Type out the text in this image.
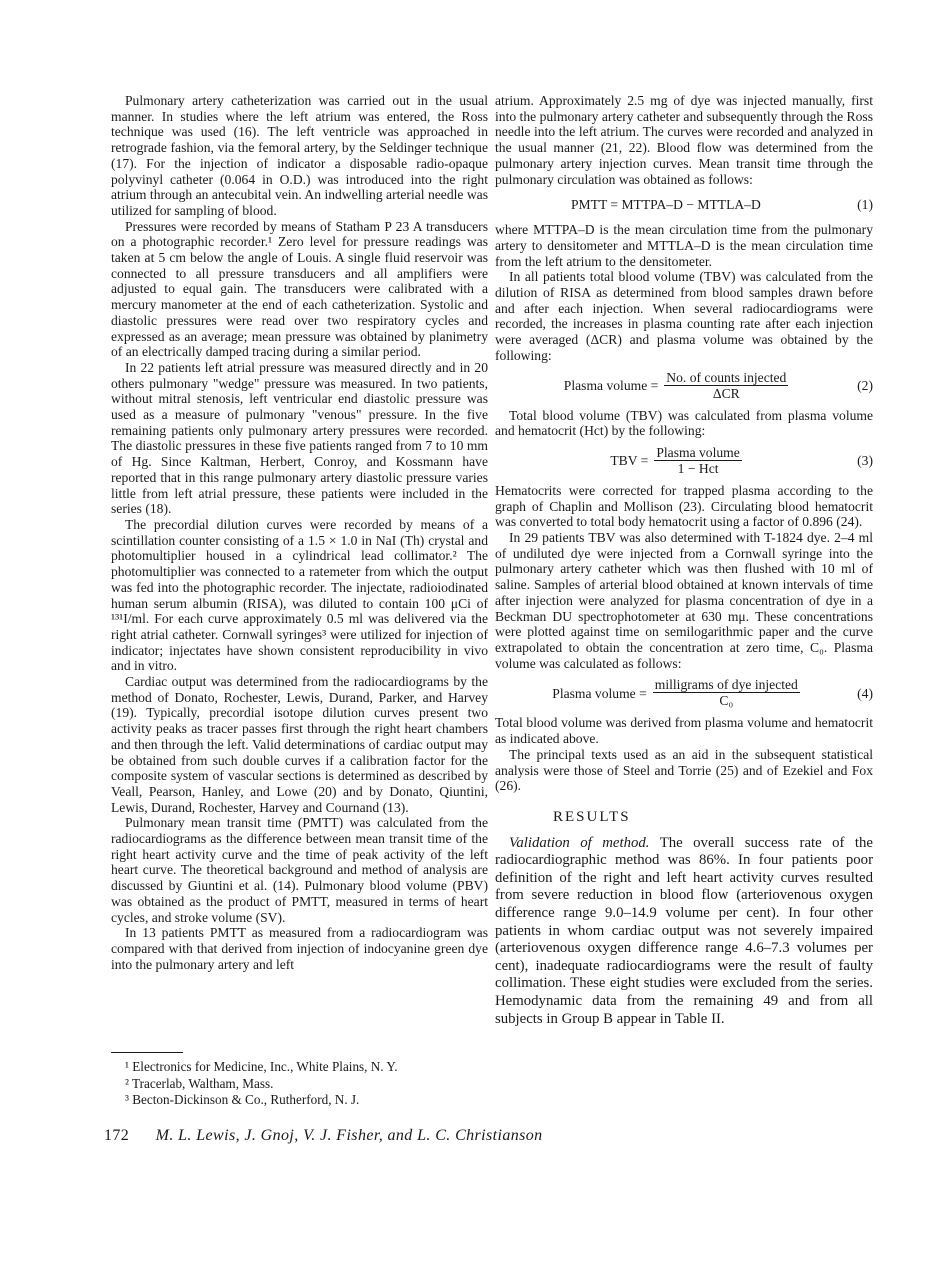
Pulmonary artery catheterization was carried out in the usual manner. In studies where the left atrium was entered, the Ross technique was used (16). The left ventricle was approached in retrograde fashion, via the femoral artery, by the Seldinger technique (17). For the injection of indicator a disposable radio-opaque polyvinyl catheter (0.064 in O.D.) was introduced into the right atrium through an antecubital vein. An indwelling arterial needle was utilized for sampling of blood.

Pressures were recorded by means of Statham P 23 A transducers on a photographic recorder.¹ Zero level for pressure readings was taken at 5 cm below the angle of Louis. A single fluid reservoir was connected to all pressure transducers and all amplifiers were adjusted to equal gain. The transducers were calibrated with a mercury manometer at the end of each catheterization. Systolic and diastolic pressures were read over two respiratory cycles and expressed as an average; mean pressure was obtained by planimetry of an electrically damped tracing during a similar period.

In 22 patients left atrial pressure was measured directly and in 20 others pulmonary "wedge" pressure was measured. In two patients, without mitral stenosis, left ventricular end diastolic pressure was used as a measure of pulmonary "venous" pressure. In the five remaining patients only pulmonary artery pressures were recorded. The diastolic pressures in these five patients ranged from 7 to 10 mm of Hg. Since Kaltman, Herbert, Conroy, and Kossmann have reported that in this range pulmonary artery diastolic pressure varies little from left atrial pressure, these patients were included in the series (18).

The precordial dilution curves were recorded by means of a scintillation counter consisting of a 1.5 × 1.0 in NaI (Th) crystal and photomultiplier housed in a cylindrical lead collimator.² The photomultiplier was connected to a ratemeter from which the output was fed into the photographic recorder. The injectate, radioiodinated human serum albumin (RISA), was diluted to contain 100 μCi of ¹³¹I/ml. For each curve approximately 0.5 ml was delivered via the right atrial catheter. Cornwall syringes³ were utilized for injection of indicator; injectates have shown consistent reproducibility in vivo and in vitro.

Cardiac output was determined from the radiocardiograms by the method of Donato, Rochester, Lewis, Durand, Parker, and Harvey (19). Typically, precordial isotope dilution curves present two activity peaks as tracer passes first through the right heart chambers and then through the left. Valid determinations of cardiac output may be obtained from such double curves if a calibration factor for the composite system of vascular sections is determined as described by Veall, Pearson, Hanley, and Lowe (20) and by Donato, Qiuntini, Lewis, Durand, Rochester, Harvey and Cournand (13).

Pulmonary mean transit time (PMTT) was calculated from the radiocardiograms as the difference between mean transit time of the right heart activity curve and the time of peak activity of the left heart curve. The theoretical background and method of analysis are discussed by Giuntini et al. (14). Pulmonary blood volume (PBV) was obtained as the product of PMTT, measured in terms of heart cycles, and stroke volume (SV).

In 13 patients PMTT as measured from a radiocardiogram was compared with that derived from injection of indocyanine green dye into the pulmonary artery and left

atrium. Approximately 2.5 mg of dye was injected manually, first into the pulmonary artery catheter and subsequently through the Ross needle into the left atrium. The curves were recorded and analyzed in the usual manner (21, 22). Blood flow was determined from the pulmonary artery injection curves. Mean transit time through the pulmonary circulation was obtained as follows:

PMTT = MTTPA–D − MTTLA–D	(1)

where MTTPA–D is the mean circulation time from the pulmonary artery to densitometer and MTTLA–D is the mean circulation time from the left atrium to the densitometer.

In all patients total blood volume (TBV) was calculated from the dilution of RISA as determined from blood samples drawn before and after each injection. When several radiocardiograms were recorded, the increases in plasma counting rate after each injection were averaged (ΔCR) and plasma volume was obtained by the following:

Plasma volume = $\frac{\text{No. of counts injected}}{\text{ΔCR}}$	(2)

Total blood volume (TBV) was calculated from plasma volume and hematocrit (Hct) by the following:

TBV = $\frac{\text{Plasma volume}}{\text{1 − Hct}}$	(3)

Hematocrits were corrected for trapped plasma according to the graph of Chaplin and Mollison (23). Circulating blood hematocrit was converted to total body hematocrit using a factor of 0.896 (24).

In 29 patients TBV was also determined with T-1824 dye. 2–4 ml of undiluted dye were injected from a Cornwall syringe into the pulmonary artery catheter which was then flushed with 10 ml of saline. Samples of arterial blood obtained at known intervals of time after injection were analyzed for plasma concentration of dye in a Beckman DU spectrophotometer at 630 mμ. These concentrations were plotted against time on semilogarithmic paper and the curve extrapolated to obtain the concentration at zero time, C₀. Plasma volume was calculated as follows:

Plasma volume = $\frac{\text{milligrams of dye injected}}{\text{C₀}}$	(4)

Total blood volume was derived from plasma volume and hematocrit as indicated above.

The principal texts used as an aid in the subsequent statistical analysis were those of Steel and Torrie (25) and of Ezekiel and Fox (26).

RESULTS

Validation of method. The overall success rate of the radiocardiographic method was 86%. In four patients poor definition of the right and left heart activity curves resulted from severe reduction in blood flow (arteriovenous oxygen difference range 9.0–14.9 volume per cent). In four other patients in whom cardiac output was not severely impaired (arteriovenous oxygen difference range 4.6–7.3 volumes per cent), inadequate radiocardiograms were the result of faulty collimation. These eight studies were excluded from the series. Hemodynamic data from the remaining 49 and from all subjects in Group B appear in Table II.

¹ Electronics for Medicine, Inc., White Plains, N. Y.
² Tracerlab, Waltham, Mass.
³ Becton-Dickinson & Co., Rutherford, N. J.
172 M. L. Lewis, J. Gnoj, V. J. Fisher, and L. C. Christianson
